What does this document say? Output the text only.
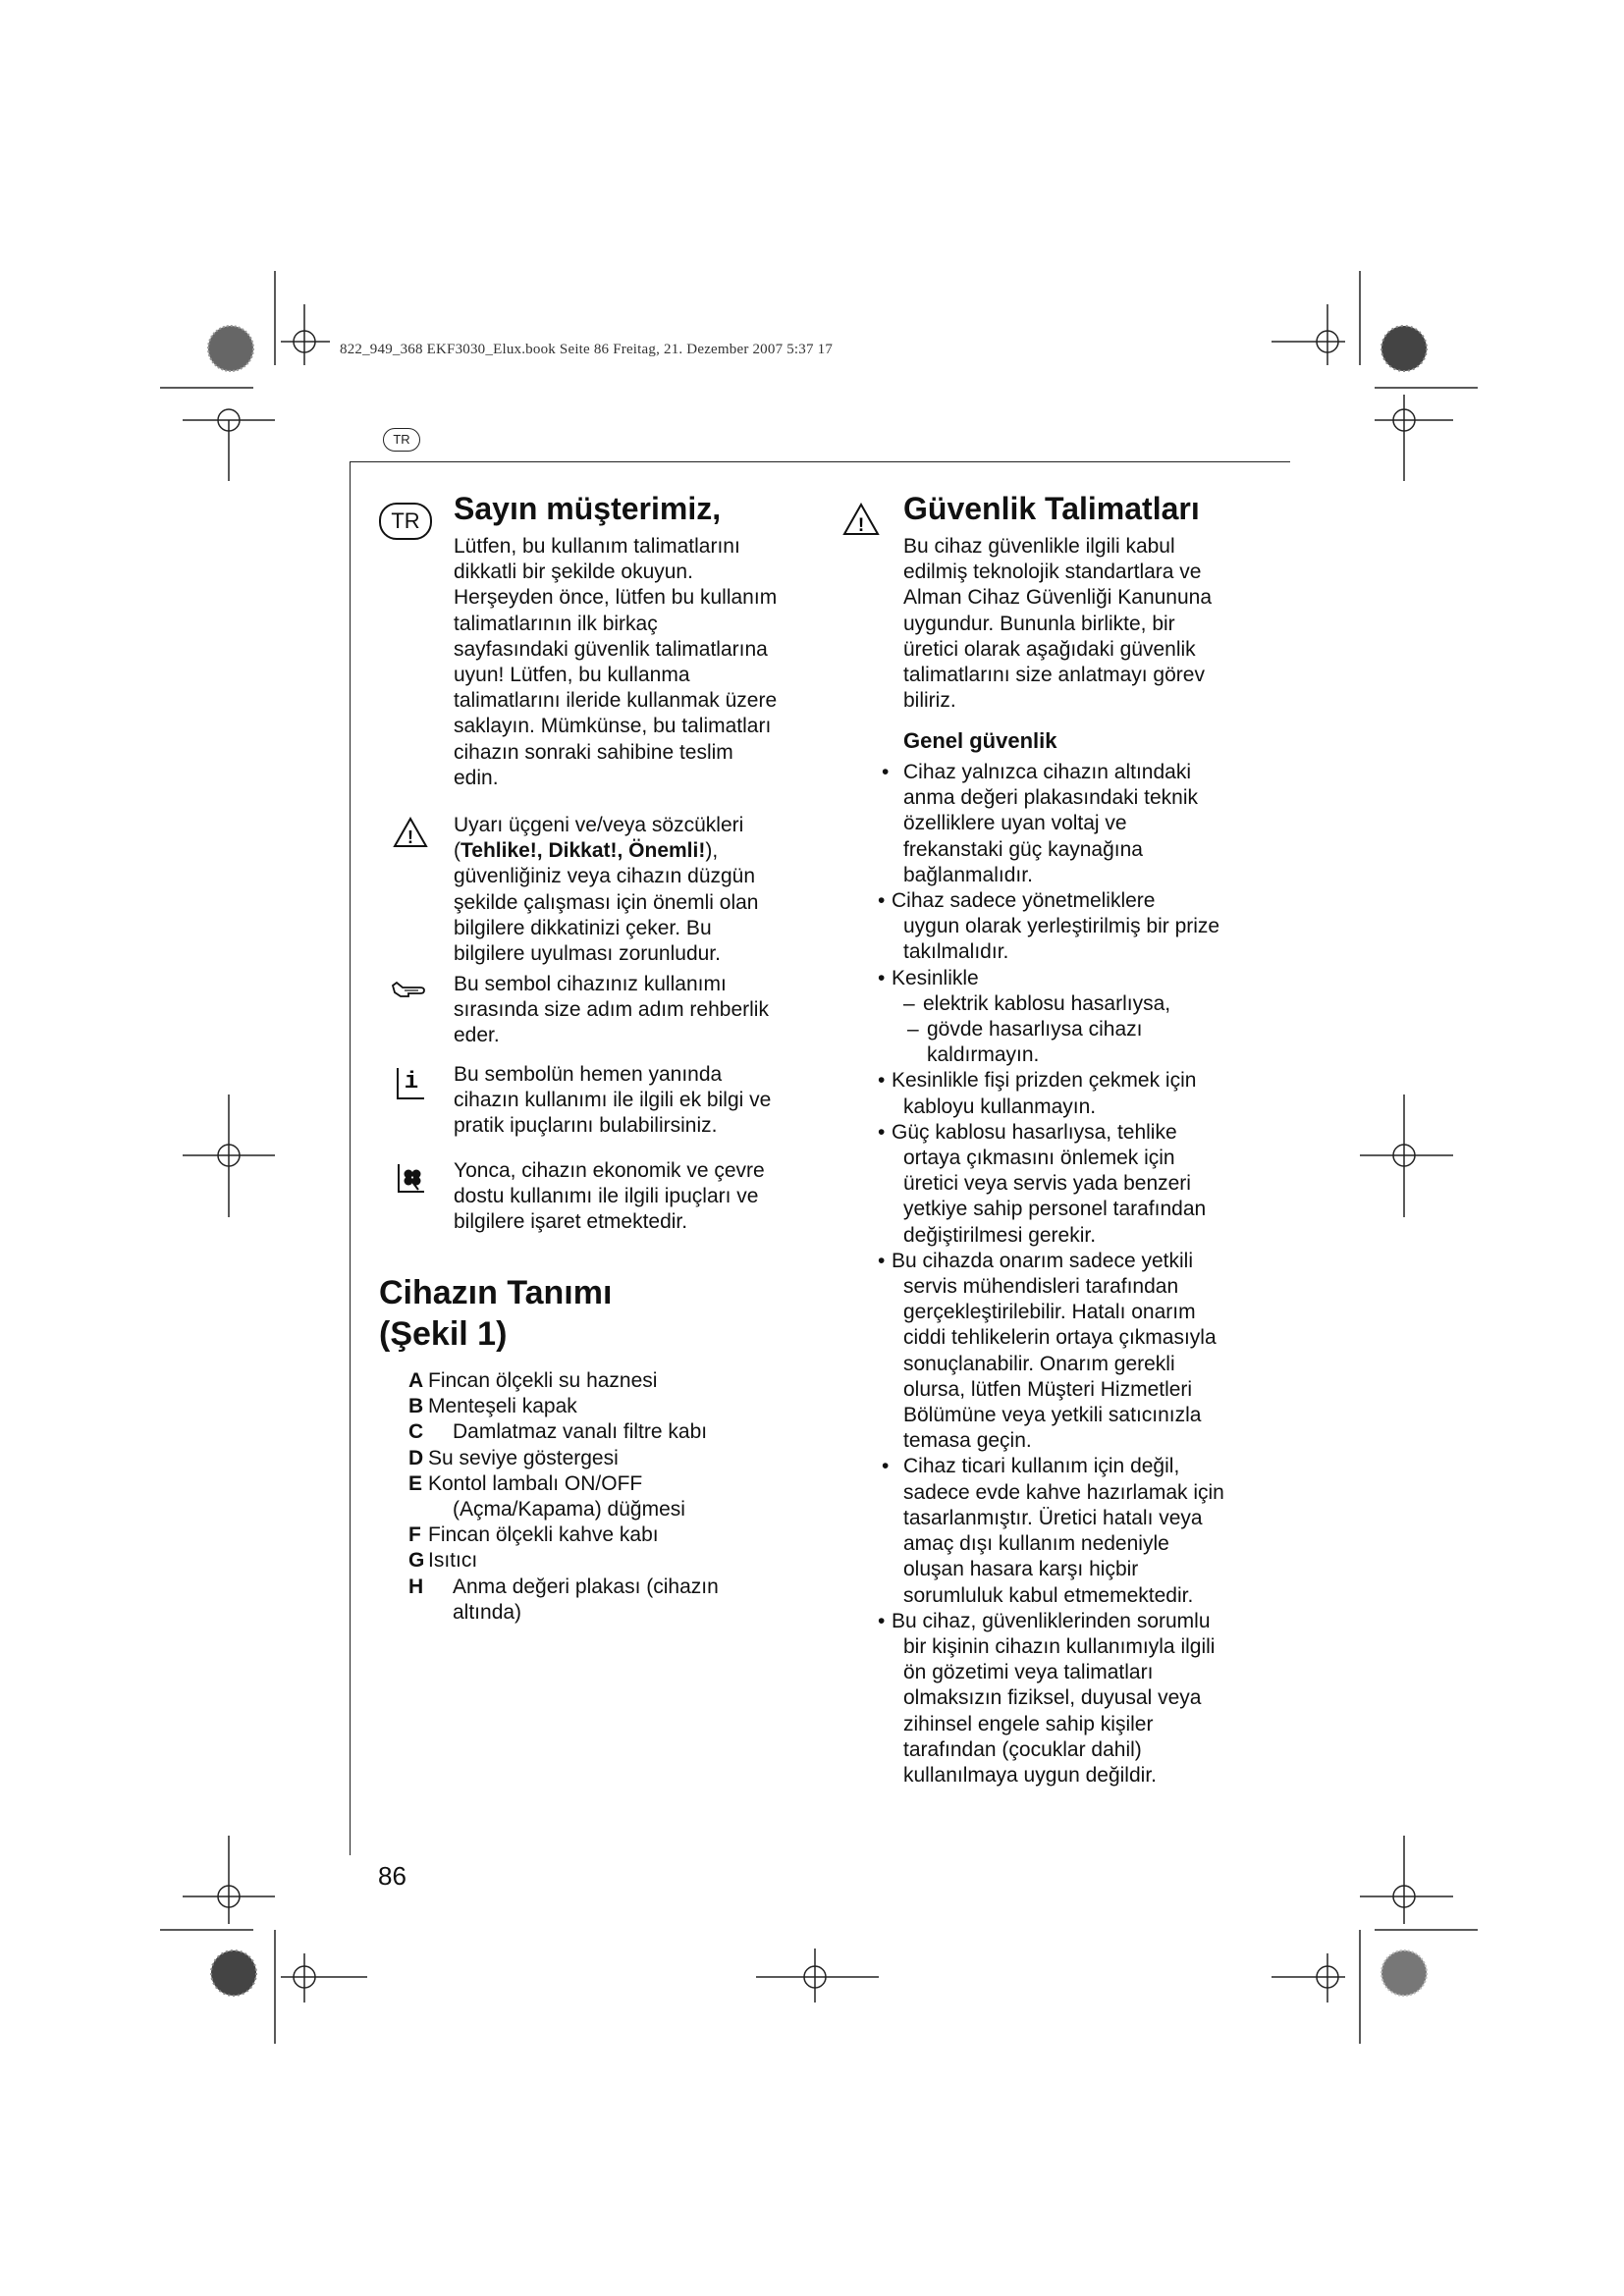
822_949_368 EKF3030_Elux.book Seite 86 Freitag, 21. Dezember 2007 5:37 17
TR
TR	Sayın müşterimiz,
Lütfen, bu kullanım talimatlarını
dikkatli bir şekilde okuyun.
Herşeyden önce, lütfen bu kullanım
talimatlarının ilk birkaç
sayfasındaki güvenlik talimatlarına
uyun! Lütfen, bu kullanma
talimatlarını ileride kullanmak üzere
saklayın. Mümkünse, bu talimatları
cihazın sonraki sahibine teslim
edin.
!
Uyarı üçgeni ve/veya sözcükleri
(Tehlike!, Dikkat!, Önemli!),
güvenliğiniz veya cihazın düzgün
şekilde çalışması için önemli olan
bilgilere dikkatinizi çeker. Bu
bilgilere uyulması zorunludur.
Bu sembol cihazınız kullanımı
sırasında size adım adım rehberlik
eder.
i Bu sembolün hemen yanında
cihazın kullanımı ile ilgili ek bilgi ve
pratik ipuçlarını bulabilirsiniz.
Yonca, cihazın ekonomik ve çevre
dostu kullanımı ile ilgili ipuçları ve
bilgilere işaret etmektedir.
Cihazın Tanımı
(Şekil 1)
A Fincan ölçekli su haznesi
B Menteşeli kapak
C	Damlatmaz vanalı filtre kabı
D Su seviye göstergesi
E Kontol lambalı ON/OFF
(Açma/Kapama) düğmesi
F Fincan ölçekli kahve kabı
G Isıtıcı
H	Anma değeri plakası (cihazın
altında)
! Güvenlik Talimatları
Bu cihaz güvenlikle ilgili kabul
edilmiş teknolojik standartlara ve
Alman Cihaz Güvenliği Kanununa
uygundur. Bununla birlikte, bir
üretici olarak aşağıdaki güvenlik
talimatlarını size anlatmayı görev
biliriz.
Genel güvenlik
• Cihaz yalnızca cihazın altındaki
anma değeri plakasındaki teknik
özelliklere uyan voltaj ve
frekanstaki güç kaynağına
bağlanmalıdır.
• Cihaz sadece yönetmeliklere
uygun olarak yerleştirilmiş bir prize
takılmalıdır.
• Kesinlikle
– elektrik kablosu hasarlıysa,
– gövde hasarlıysa cihazı
kaldırmayın.
• Kesinlikle fişi prizden çekmek için
kabloyu kullanmayın.
• Güç kablosu hasarlıysa, tehlike
ortaya çıkmasını önlemek için
üretici veya servis yada benzeri
yetkiye sahip personel tarafından
değiştirilmesi gerekir.
• Bu cihazda onarım sadece yetkili
servis mühendisleri tarafından
gerçekleştirilebilir. Hatalı onarım
ciddi tehlikelerin ortaya çıkmasıyla
sonuçlanabilir. Onarım gerekli
olursa, lütfen Müşteri Hizmetleri
Bölümüne veya yetkili satıcınızla
temasa geçin.
• Cihaz ticari kullanım için değil,
sadece evde kahve hazırlamak için
tasarlanmıştır. Üretici hatalı veya
amaç dışı kullanım nedeniyle
oluşan hasara karşı hiçbir
sorumluluk kabul etmemektedir.
• Bu cihaz, güvenliklerinden sorumlu
bir kişinin cihazın kullanımıyla ilgili
ön gözetimi veya talimatları
olmaksızın fiziksel, duyusal veya
zihinsel engele sahip kişiler
tarafından (çocuklar dahil)
kullanılmaya uygun değildir.
86
